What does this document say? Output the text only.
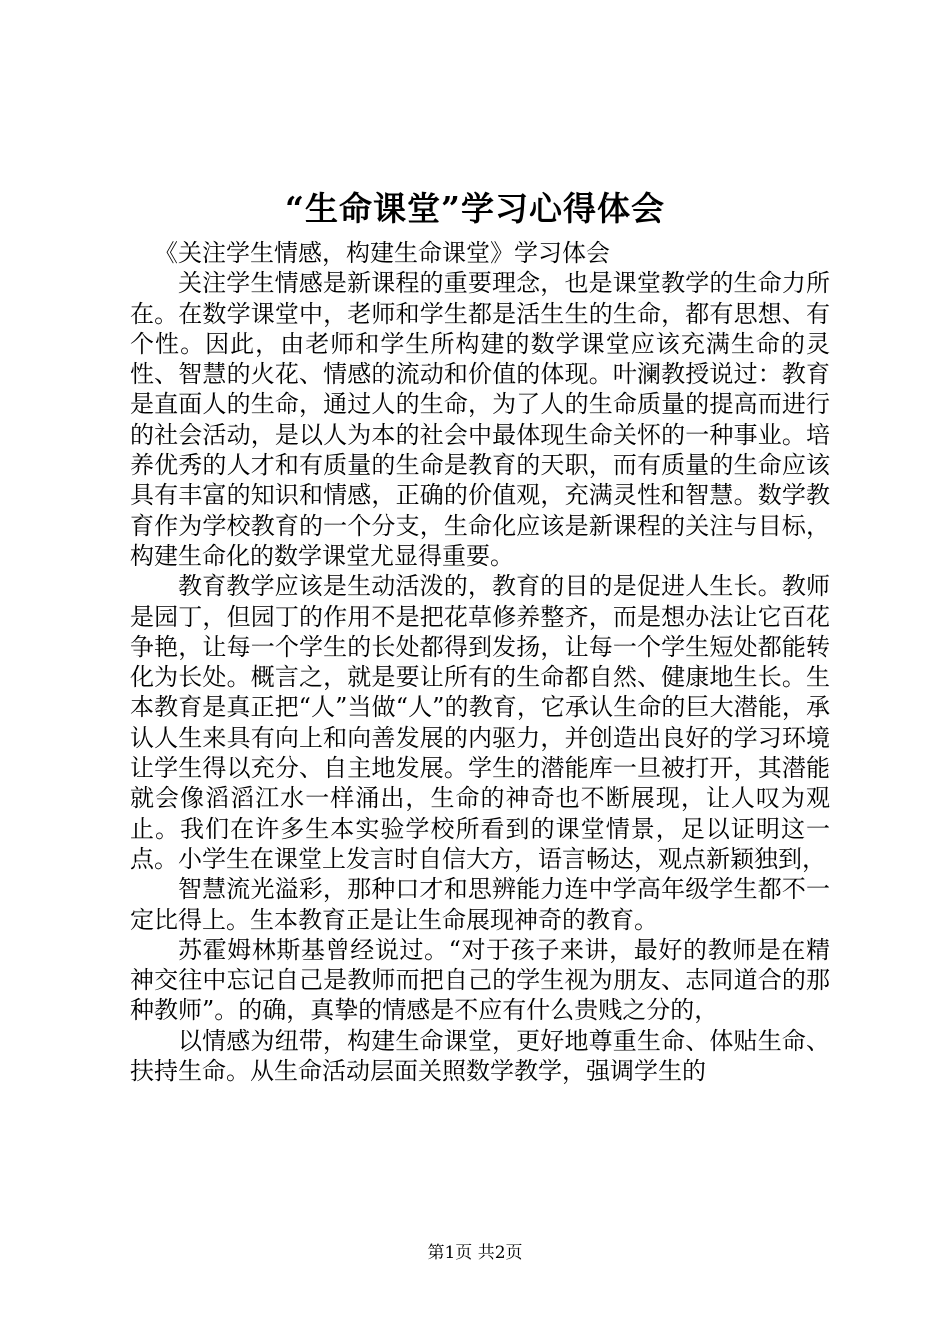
“生命课堂”学习心得体会

《关注学生情感，构建生命课堂》学习体会

关注学生情感是新课程的重要理念，也是课堂教学的生命力所在。在数学课堂中，老师和学生都是活生生的生命，都有思想、有个性。因此，由老师和学生所构建的数学课堂应该充满生命的灵性、智慧的火花、情感的流动和价值的体现。叶澜教授说过：教育是直面人的生命，通过人的生命，为了人的生命质量的提高而进行的社会活动，是以人为本的社会中最体现生命关怀的一种事业。培养优秀的人才和有质量的生命是教育的天职，而有质量的生命应该具有丰富的知识和情感，正确的价值观，充满灵性和智慧。数学教育作为学校教育的一个分支，生命化应该是新课程的关注与目标，构建生命化的数学课堂尤显得重要。

教育教学应该是生动活泼的，教育的目的是促进人生长。教师是园丁，但园丁的作用不是把花草修养整齐，而是想办法让它百花争艳，让每一个学生的长处都得到发扬，让每一个学生短处都能转化为长处。概言之，就是要让所有的生命都自然、健康地生长。生本教育是真正把“人”当做“人”的教育，它承认生命的巨大潜能，承认人生来具有向上和向善发展的内驱力，并创造出良好的学习环境让学生得以充分、自主地发展。学生的潜能库一旦被打开，其潜能就会像滔滔江水一样涌出，生命的神奇也不断展现，让人叹为观止。我们在许多生本实验学校所看到的课堂情景，足以证明这一点。小学生在课堂上发言时自信大方，语言畅达，观点新颖独到，

智慧流光溢彩，那种口才和思辨能力连中学高年级学生都不一定比得上。生本教育正是让生命展现神奇的教育。

苏霍姆林斯基曾经说过。“对于孩子来讲，最好的教师是在精神交往中忘记自己是教师而把自己的学生视为朋友、志同道合的那种教师”。的确，真挚的情感是不应有什么贵贱之分的，

以情感为纽带，构建生命课堂，更好地尊重生命、体贴生命、扶持生命。从生命活动层面关照数学教学，强调学生的

第1页 共2页
